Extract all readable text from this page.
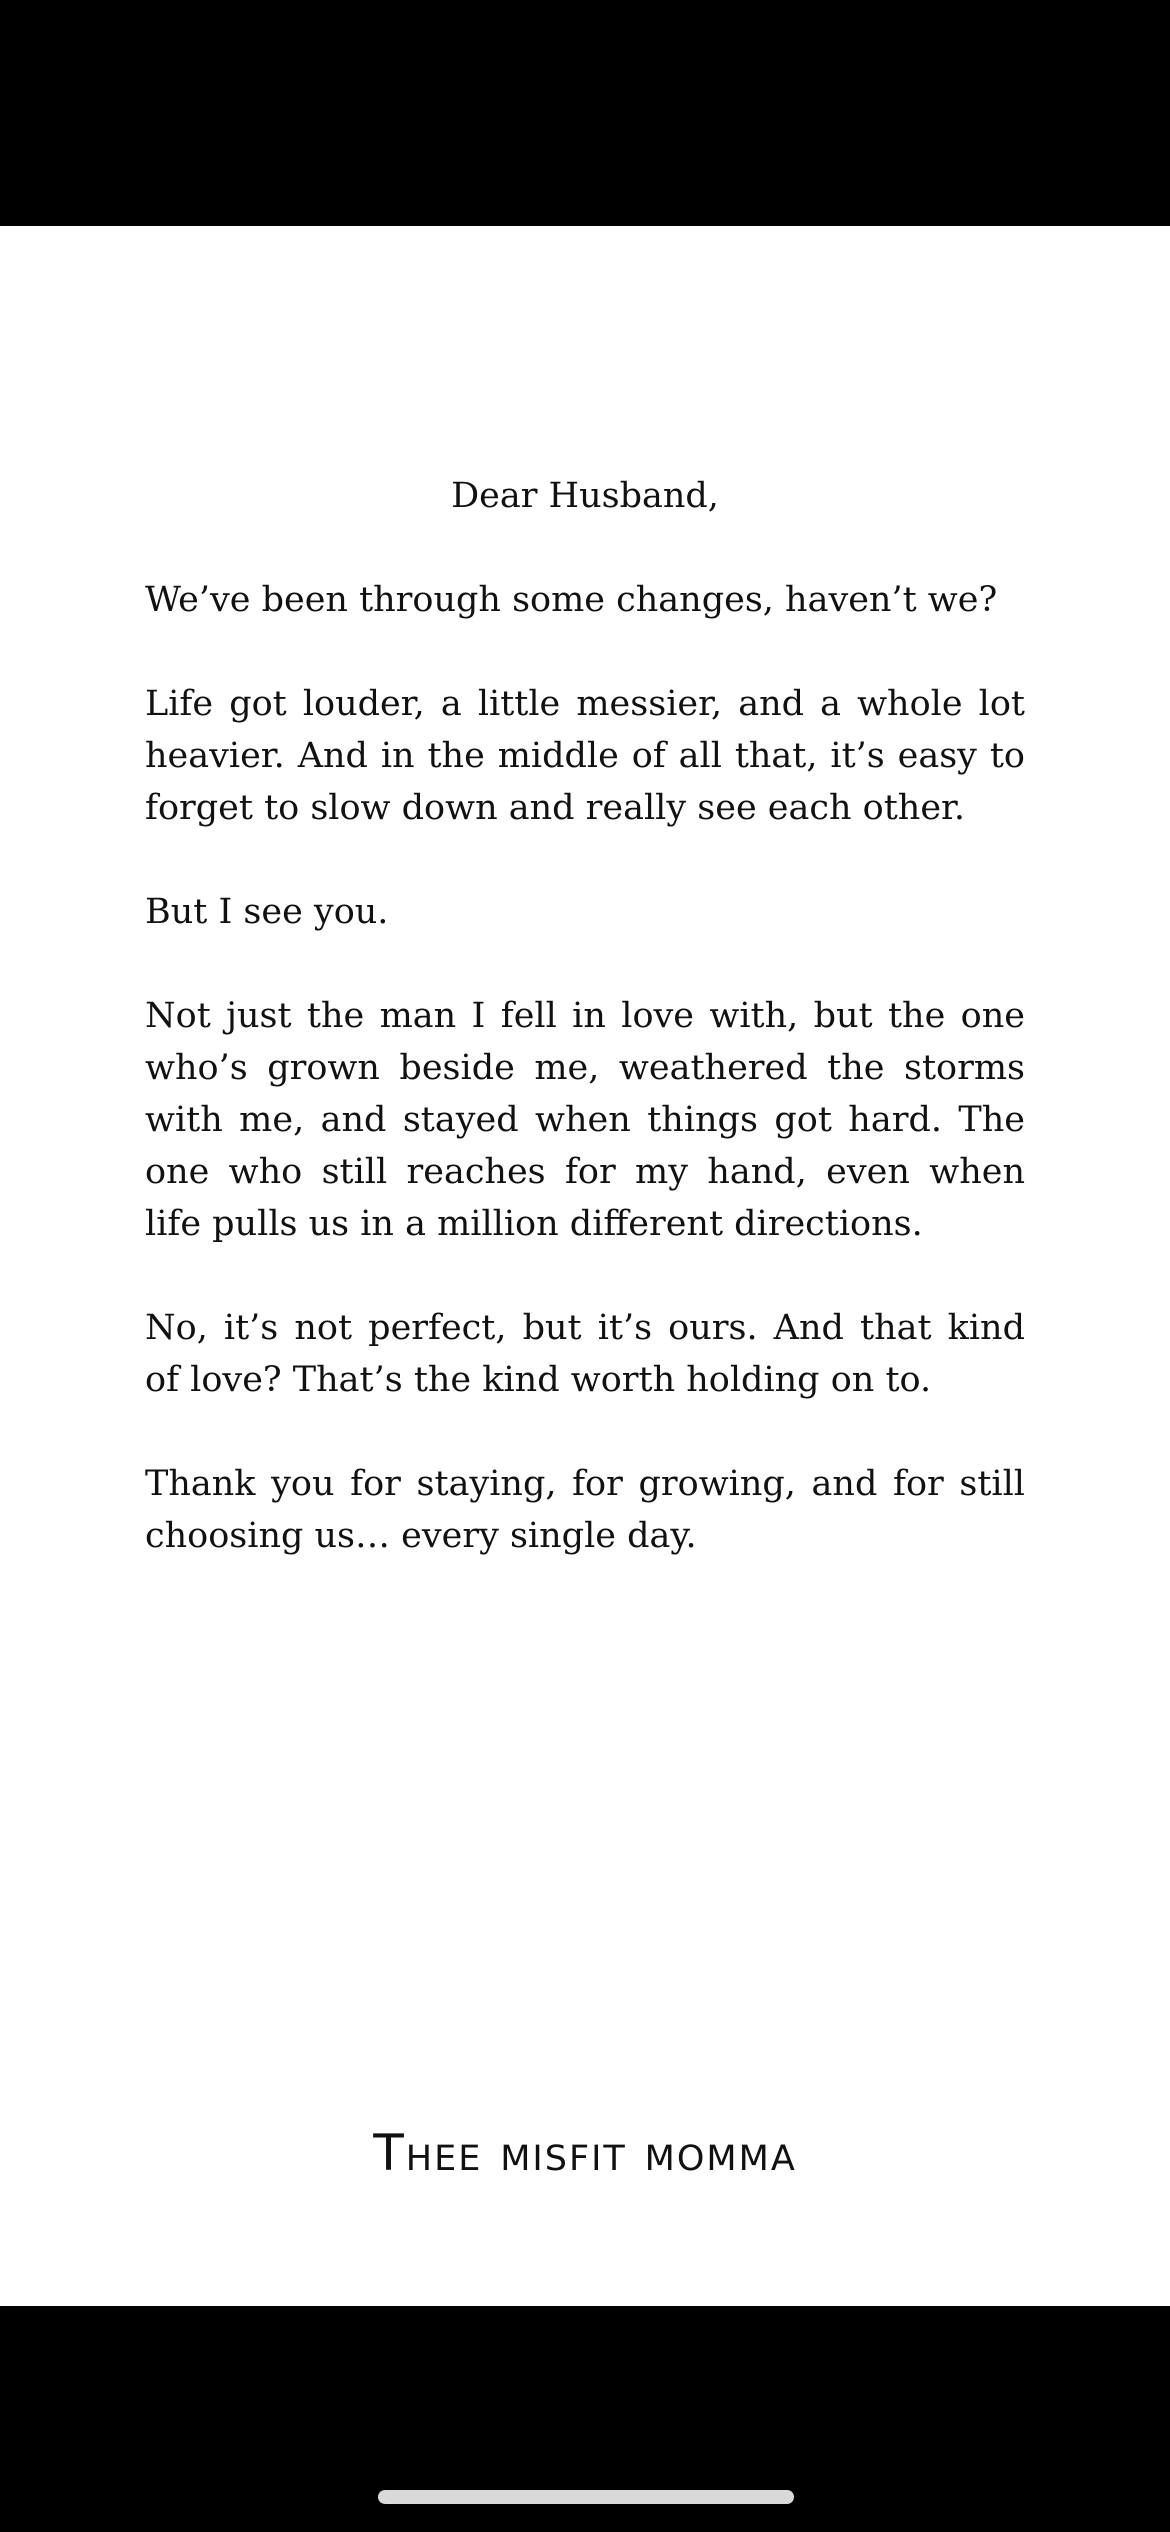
Dear Husband,

We’ve been through some changes, haven’t we?

Life got louder, a little messier, and a whole lot heavier. And in the middle of all that, it’s easy to forget to slow down and really see each other.

But I see you.

Not just the man I fell in love with, but the one who’s grown beside me, weathered the storms with me, and stayed when things got hard. The one who still reaches for my hand, even when life pulls us in a million different directions.

No, it’s not perfect, but it’s ours. And that kind of love? That’s the kind worth holding on to.

Thank you for staying, for growing, and for still choosing us… every single day.

Thee misfit momma
